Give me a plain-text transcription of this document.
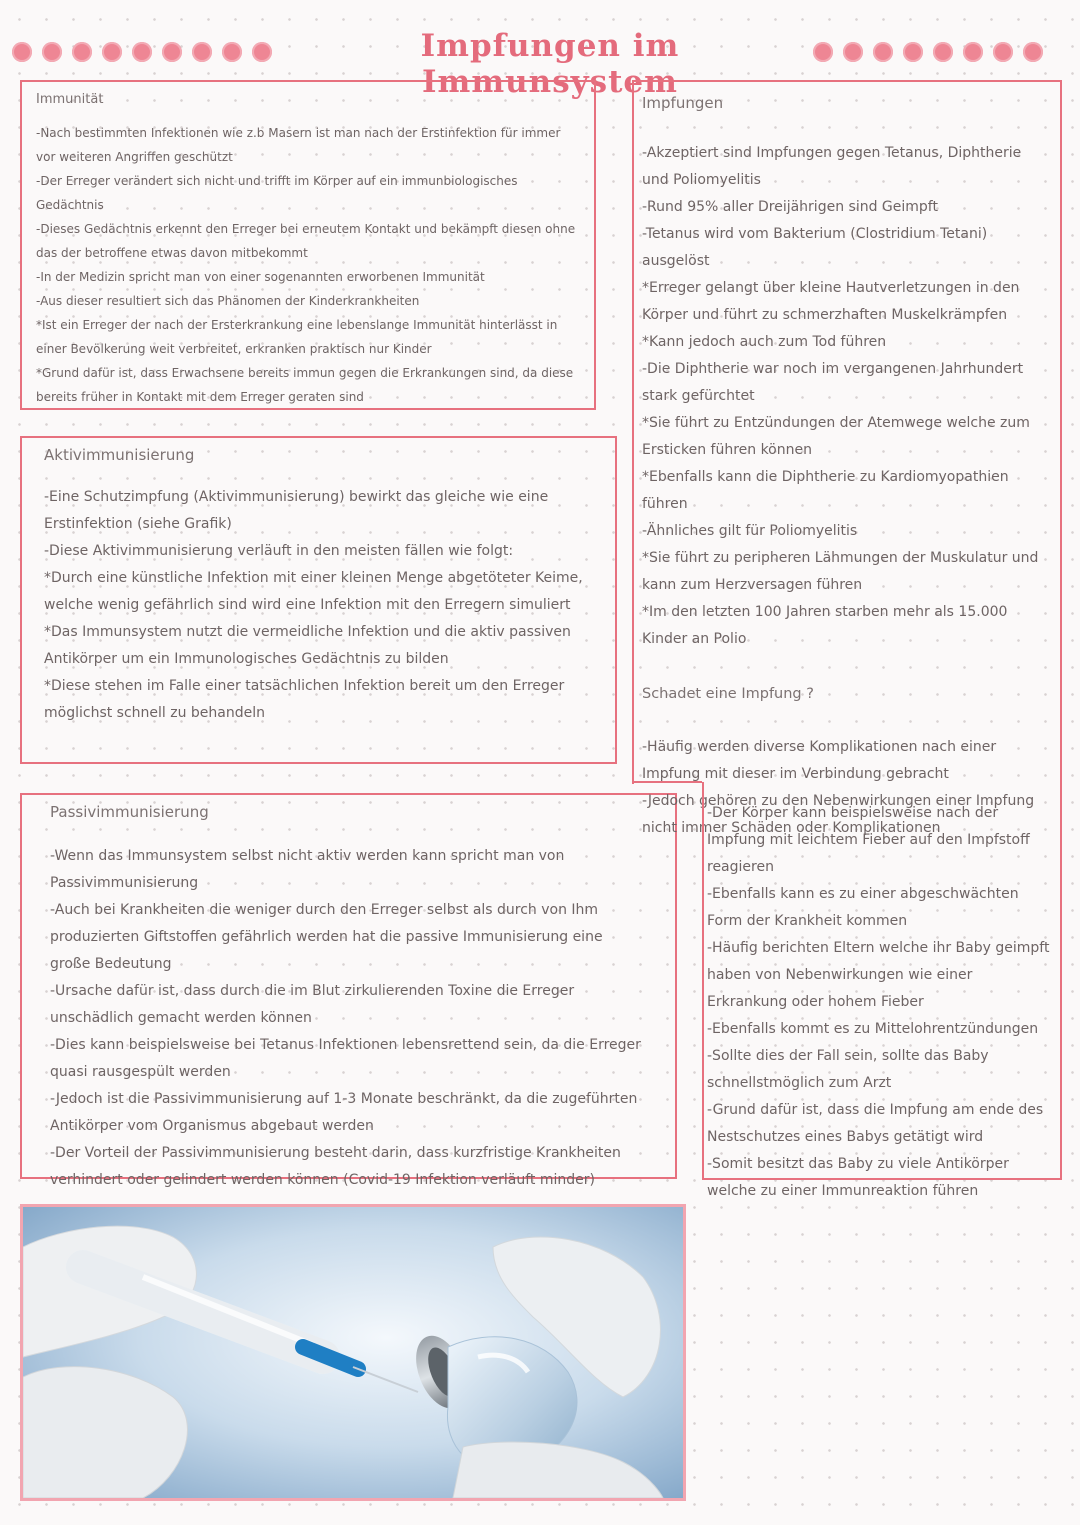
Impfungen im Immunsystem
Immunität

-Nach bestimmten Infektionen wie z.b Masern ist man nach der Erstinfektion für immer vor weiteren Angriffen geschützt

-Der Erreger verändert sich nicht und trifft im Körper auf ein immunbiologisches Gedächtnis

-Dieses Gedächtnis erkennt den Erreger bei erneutem Kontakt und bekämpft diesen ohne das der betroffene etwas davon mitbekommt

-In der Medizin spricht man von einer sogenannten erworbenen Immunität

-Aus dieser resultiert sich das Phänomen der Kinderkrankheiten

*Ist ein Erreger der nach der Ersterkrankung eine lebenslange Immunität hinterlässt in einer Bevölkerung weit verbreitet, erkranken praktisch nur Kinder

*Grund dafür ist, dass Erwachsene bereits immun gegen die Erkrankungen sind, da diese bereits früher in Kontakt mit dem Erreger geraten sind

Aktivimmunisierung

-Eine Schutzimpfung (Aktivimmunisierung) bewirkt das gleiche wie eine Erstinfektion (siehe Grafik)

-Diese Aktivimmunisierung verläuft in den meisten fällen wie folgt:

*Durch eine künstliche Infektion mit einer kleinen Menge abgetöteter Keime, welche wenig gefährlich sind wird eine Infektion mit den Erregern simuliert

*Das Immunsystem nutzt die vermeidliche Infektion und die aktiv passiven Antikörper um ein Immunologisches Gedächtnis zu bilden

*Diese stehen im Falle einer tatsächlichen Infektion bereit um den Erreger möglichst schnell zu behandeln

Passivimmunisierung

-Wenn das Immunsystem selbst nicht aktiv werden kann spricht man von Passivimmunisierung

-Auch bei Krankheiten die weniger durch den Erreger selbst als durch von Ihm produzierten Giftstoffen gefährlich werden hat die passive Immunisierung eine große Bedeutung

-Ursache dafür ist, dass durch die im Blut zirkulierenden Toxine die Erreger unschädlich gemacht werden können

-Dies kann beispielsweise bei Tetanus Infektionen lebensrettend sein, da die Erreger quasi rausgespült werden

-Jedoch ist die Passivimmunisierung auf 1-3 Monate beschränkt, da die zugeführten Antikörper vom Organismus abgebaut werden

-Der Vorteil der Passivimmunisierung besteht darin, dass kurzfristige Krankheiten verhindert oder gelindert werden können (Covid-19 Infektion verläuft minder)

Impfungen

-Akzeptiert sind Impfungen gegen Tetanus, Diphtherie und Poliomyelitis

-Rund 95% aller Dreijährigen sind Geimpft

-Tetanus wird vom Bakterium (Clostridium Tetani) ausgelöst

*Erreger gelangt über kleine Hautverletzungen in den Körper und führt zu schmerzhaften Muskelkrämpfen

*Kann jedoch auch zum Tod führen

-Die Diphtherie war noch im vergangenen Jahrhundert stark gefürchtet

*Sie führt zu Entzündungen der Atemwege welche zum Ersticken führen können

*Ebenfalls kann die Diphtherie zu Kardiomyopathien führen

-Ähnliches gilt für Poliomyelitis

*Sie führt zu peripheren Lähmungen der Muskulatur und kann zum Herzversagen führen

*Im den letzten 100 Jahren starben mehr als 15.000 Kinder an Polio

Schadet eine Impfung ?

-Häufig werden diverse Komplikationen nach einer Impfung mit dieser im Verbindung gebracht

-Jedoch gehören zu den Nebenwirkungen einer Impfung nicht immer Schäden oder Komplikationen

-Der Körper kann beispielsweise nach der Impfung mit leichtem Fieber auf den Impfstoff reagieren

-Ebenfalls kann es zu einer abgeschwächten Form der Krankheit kommen

-Häufig berichten Eltern welche ihr Baby geimpft haben von Nebenwirkungen wie einer Erkrankung oder hohem Fieber

-Ebenfalls kommt es zu Mittelohrentzündungen

-Sollte dies der Fall sein, sollte das Baby schnellstmöglich zum Arzt

-Grund dafür ist, dass die Impfung am ende des Nestschutzes eines Babys getätigt wird

-Somit besitzt das Baby zu viele Antikörper welche zu einer Immunreaktion führen
